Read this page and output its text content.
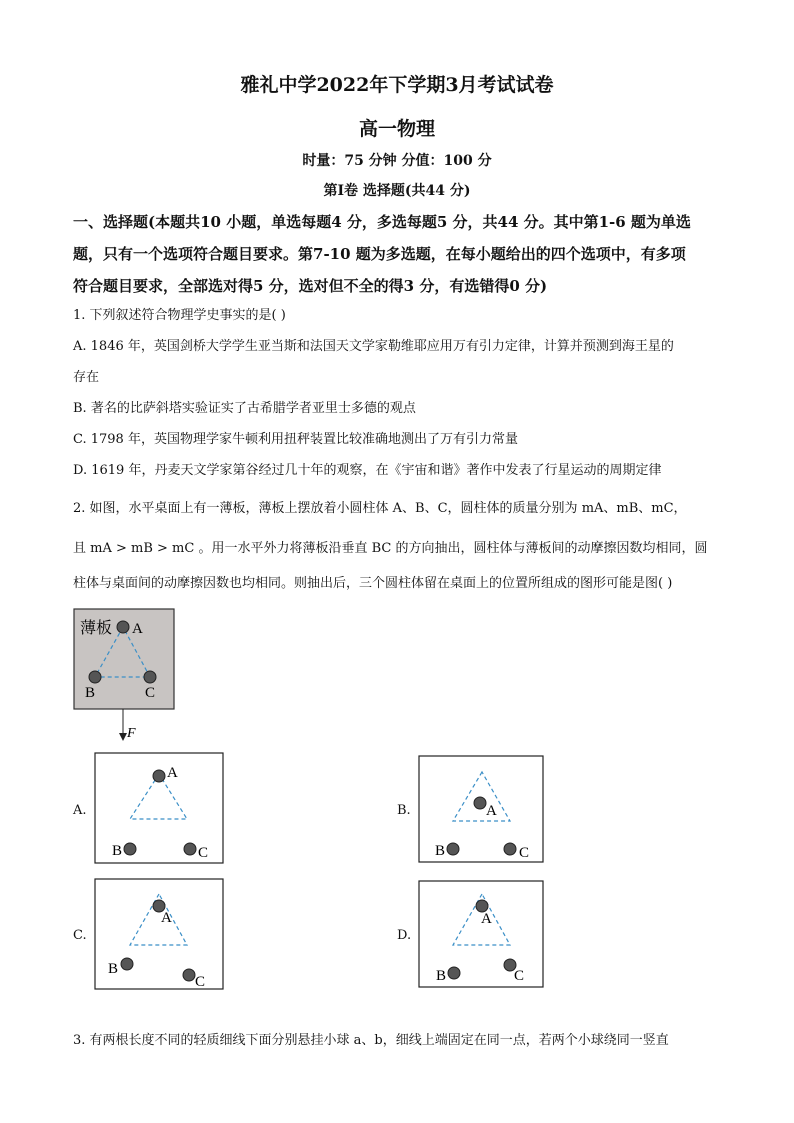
雅礼中学2022年下学期3月考试试卷
高一物理
时量：75 分钟 分值：100 分
第Ⅰ卷 选择题(共44 分)
一、选择题(本题共10 小题，单选每题4 分，多选每题5 分，共44 分。其中第1-6 题为单选
题，只有一个选项符合题目要求。第7-10 题为多选题，在每小题给出的四个选项中，有多项
符合题目要求，全部选对得5 分，选对但不全的得3 分，有选错得0 分)
1. 下列叙述符合物理学史事实的是( )
A. 1846 年，英国剑桥大学学生亚当斯和法国天文学家勒维耶应用万有引力定律，计算并预测到海王星的
存在
B. 著名的比萨斜塔实验证实了古希腊学者亚里士多德的观点
C. 1798 年，英国物理学家牛顿利用扭秤装置比较准确地测出了万有引力常量
D. 1619 年，丹麦天文学家第谷经过几十年的观察，在《宇宙和谐》著作中发表了行星运动的周期定律
2. 如图，水平桌面上有一薄板，薄板上摆放着小圆柱体 A、B、C，圆柱体的质量分别为 mA、mB、mC，
且 mA > mB > mC 。用一水平外力将薄板沿垂直 BC 的方向抽出，圆柱体与薄板间的动摩擦因数均相同，圆
柱体与桌面间的动摩擦因数也均相同。则抽出后，三个圆柱体留在桌面上的位置所组成的图形可能是图( )
薄板 A
B	C
F
A.
A
B	C
B.	A
B	C
C.
A
B
C
D.
A
B	C
3. 有两根长度不同的轻质细线下面分别悬挂小球 a、b，细线上端固定在同一点，若两个小球绕同一竖直
